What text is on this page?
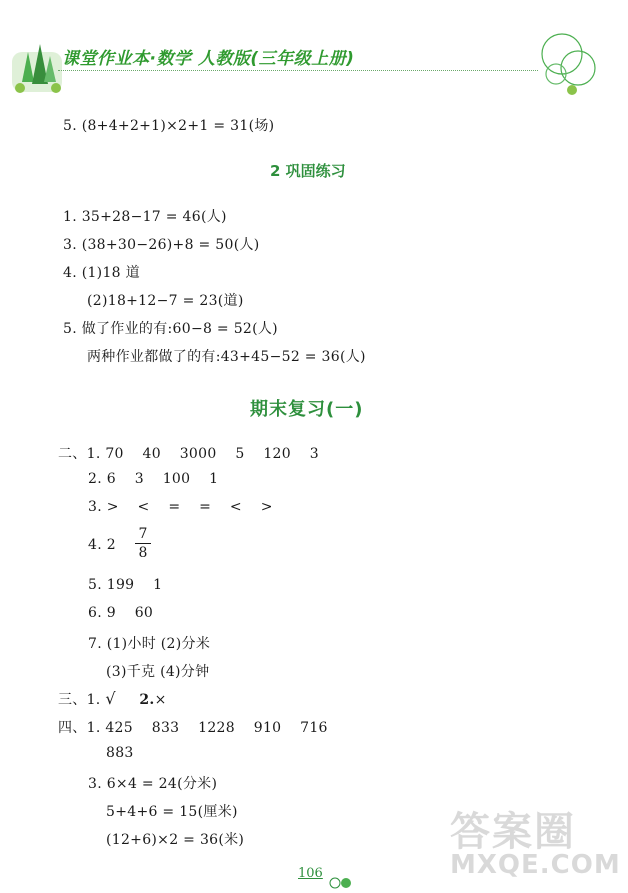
课堂作业本·数学 人教版(三年级上册)
5. (8+4+2+1)×2+1 = 31(场)
2 巩固练习
1. 35+28−17 = 46(人)
3. (38+30−26)+8 = 50(人)
4. (1)18 道
(2)18+12−7 = 23(道)
5. 做了作业的有:60−8 = 52(人)
两种作业都做了的有:43+45−52 = 36(人)
期末复习(一)
二、1. 70 40 3000 5 120 3
2. 6 3 100 1
3. > < = = < >
4. 2
7
8
5. 199 1
6. 9 60
7. (1)小时 (2)分米
(3)千克 (4)分钟
三、1. √ 2.×
四、1. 425 833 1228 910 716
883
3. 6×4 = 24(分米)
5+4+6 = 15(厘米)
(12+6)×2 = 36(米)
106
答案圈
MXQE.COM
